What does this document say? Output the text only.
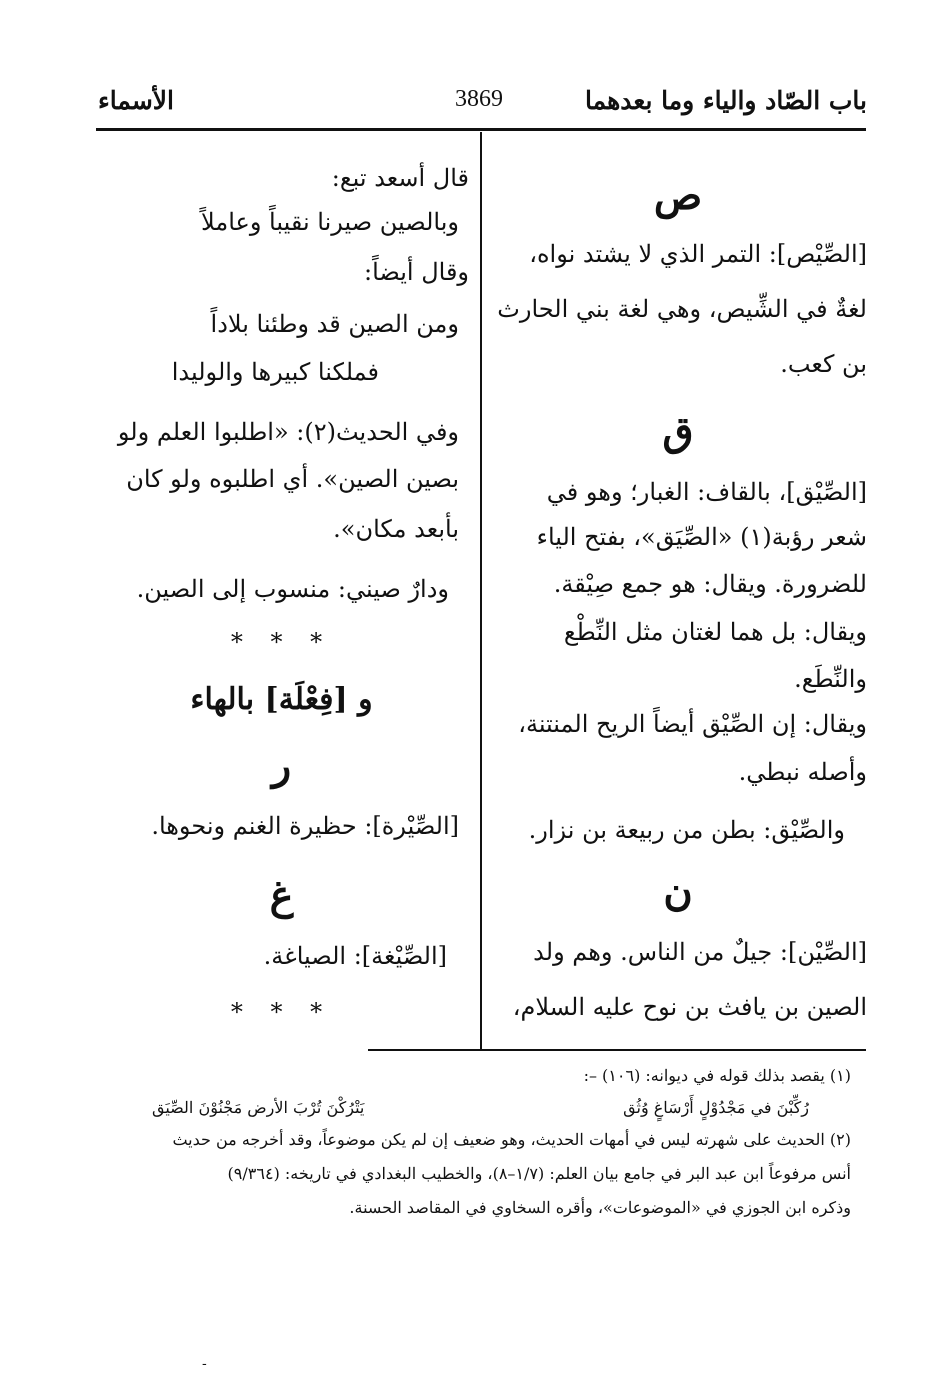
باب الصّاد والياء وما بعدهما
3869
الأسماء
ص
[الصِّيْص]: التمر الذي لا يشتد نواه،
لغةٌ في الشِّيص، وهي لغة بني الحارث
بن كعب.
ق
[الصِّيْق]، بالقاف: الغبار؛ وهو في
شعر رؤبة(١) «الصِّيَق»، بفتح الياء
للضرورة. ويقال: هو جمع صِيْقة.
ويقال: بل هما لغتان مثل النِّطْع
والنِّطَع.
ويقال: إن الصِّيْق أيضاً الريح المنتنة،
وأصله نبطي.
والصِّيْق: بطن من ربيعة بن نزار.
ن
[الصِّيْن]: جيلٌ من الناس. وهم ولد
الصين بن يافث بن نوح عليه السلام،
قال أسعد تبع:
وبالصين صيرنا نقيباً وعاملاً
وقال أيضاً:
ومن الصين قد وطئنا بلاداً
فملكنا كبيرها والوليدا
وفي الحديث(٢): «اطلبوا العلم ولو
بصين الصين». أي اطلبوه ولو كان
بأبعد مكان».
ودارٌ صيني: منسوب إلى الصين.
* * *
و [فِعْلَة] بالهاء
ر
[الصِّيْرة]: حظيرة الغنم ونحوها.
غ
[الصِّيْغة]: الصياغة.
* * *
(١) يقصد بذلك قوله في ديوانه: (١٠٦) –:
رُكِّبْنَ في مَجْدُوْلٍ أَرْسَاغٍ وُثُق
يَتْرُكْنَ تُرْبَ الأرض مَجْنُوْنَ الصِّيَق
(٢) الحديث على شهرته ليس في أمهات الحديث، وهو ضعيف إن لم يكن موضوعاً، وقد أخرجه من حديث
أنس مرفوعاً ابن عبد البر في جامع بيان العلم: (١/٧–٨)، والخطيب البغدادي في تاريخه: (٩/٣٦٤)
وذكره ابن الجوزي في «الموضوعات»، وأقره السخاوي في المقاصد الحسنة.
-
